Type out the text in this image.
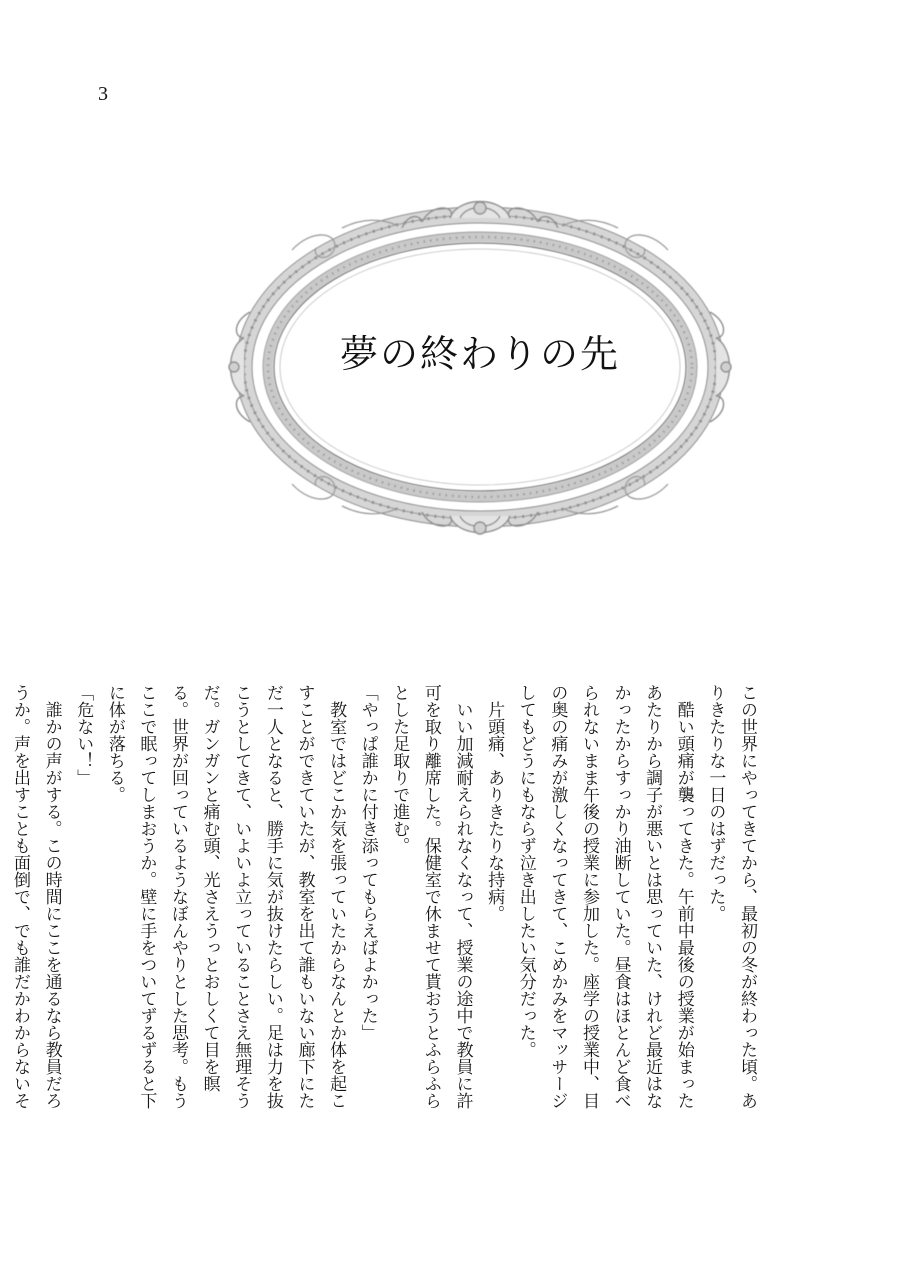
3
夢の終わりの先

この世界にやってきてから、最初の冬が終わった頃。ありきたりな一日のはずだった。

　酷い頭痛が襲ってきた。午前中最後の授業が始まったあたりから調子が悪いとは思っていた、けれど最近はなかったからすっかり油断していた。昼食はほとんど食べられないまま午後の授業に参加した。座学の授業中、目の奥の痛みが激しくなってきて、こめかみをマッサージしてもどうにもならず泣き出したい気分だった。

　片頭痛、ありきたりな持病。

　いい加減耐えられなくなって、授業の途中で教員に許可を取り離席した。保健室で休ませて貰おうとふらふらとした足取りで進む。

「やっぱ誰かに付き添ってもらえばよかった」

　教室ではどこか気を張っていたからなんとか体を起こすことができていたが、教室を出て誰もいない廊下にただ一人となると、勝手に気が抜けたらしい。足は力を抜こうとしてきて、いよいよ立っていることさえ無理そうだ。ガンガンと痛む頭、光さえうっとおしくて目を瞑る。世界が回っているようなぼんやりとした思考。もうここで眠ってしまおうか。壁に手をついてずるずると下に体が落ちる。

「危ない！」

　誰かの声がする。この時間にここを通るなら教員だろうか。声を出すことも面倒で、でも誰だかわからないそ
